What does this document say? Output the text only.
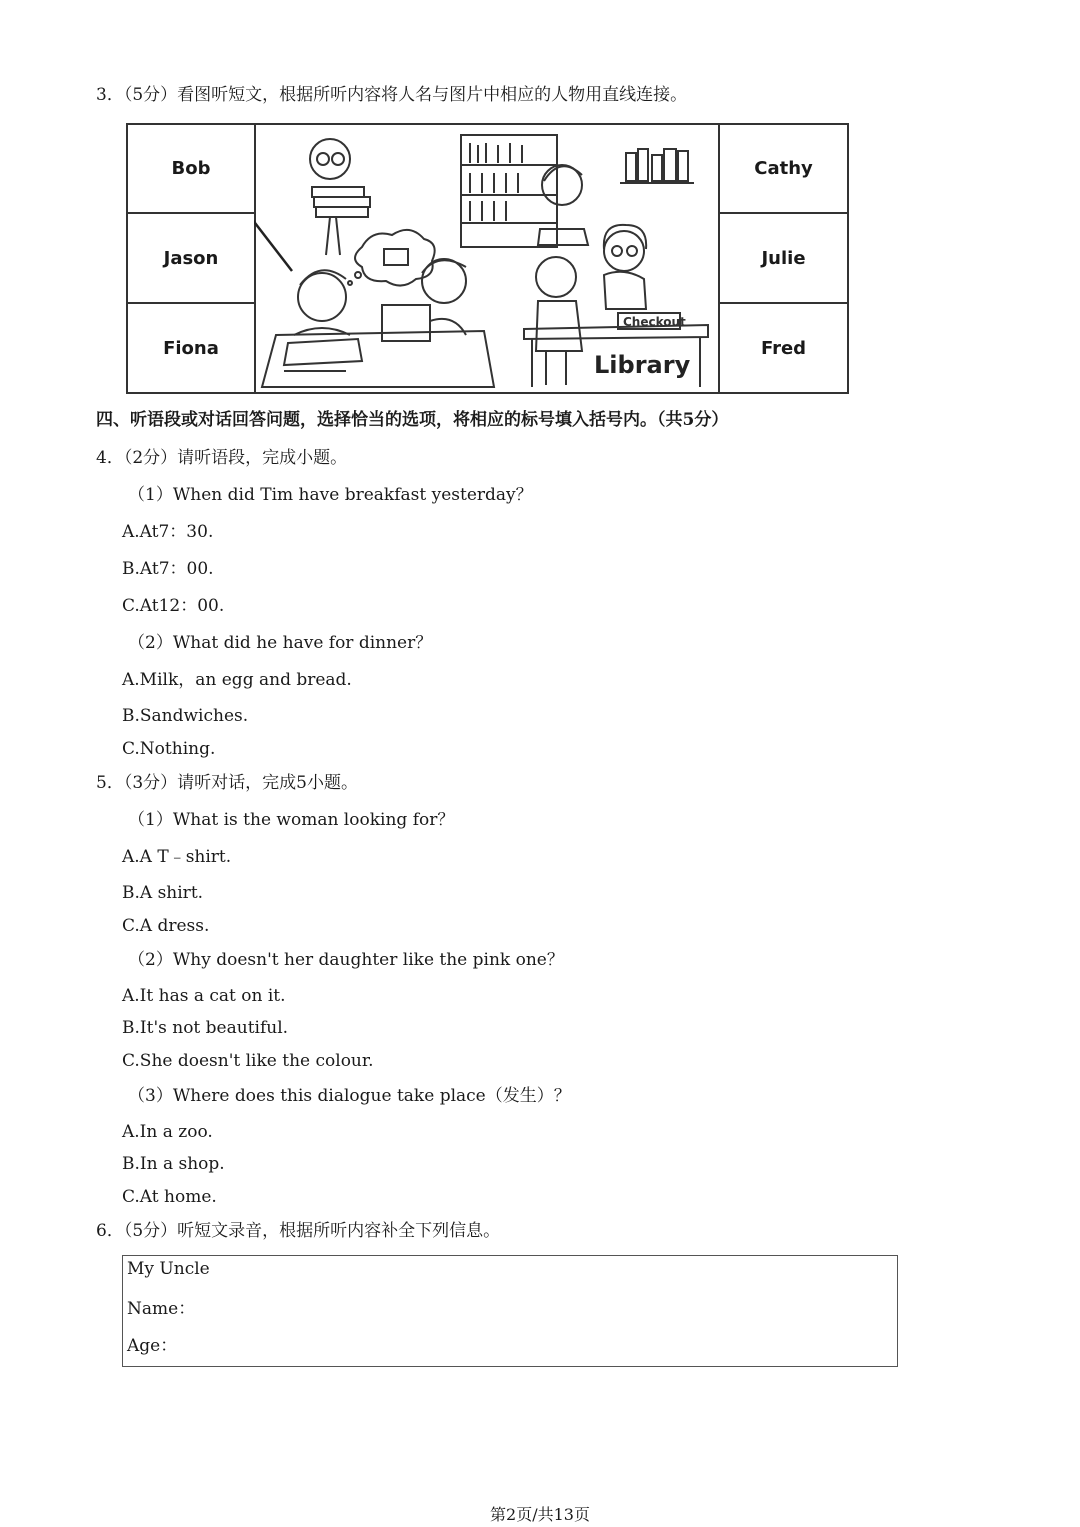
3．（5分）看图听短文，根据所听内容将人名与图片中相应的人物用直线连接。
Bob
Jason
Fiona
Checkout
Library
Cathy
Julie
Fred
四、听语段或对话回答问题，选择恰当的选项，将相应的标号填入括号内。（共5分）
4．（2分）请听语段，完成小题。
（1）When did Tim have breakfast yesterday？
A.At7：30.
B.At7：00.
C.At12：00.
（2）What did he have for dinner？
A.Milk，an egg and bread.
B.Sandwiches.
C.Nothing.
5．（3分）请听对话，完成5小题。
（1）What is the woman looking for？
A.A T﹣shirt.
B.A shirt.
C.A dress.
（2）Why doesn't her daughter like the pink one？
A.It has a cat on it.
B.It's not beautiful.
C.She doesn't like the colour.
（3）Where does this dialogue take place（发生）？
A.In a zoo.
B.In a shop.
C.At home.
6．（5分）听短文录音，根据所听内容补全下列信息。
My Uncle
Name：
Age：
第2页/共13页
